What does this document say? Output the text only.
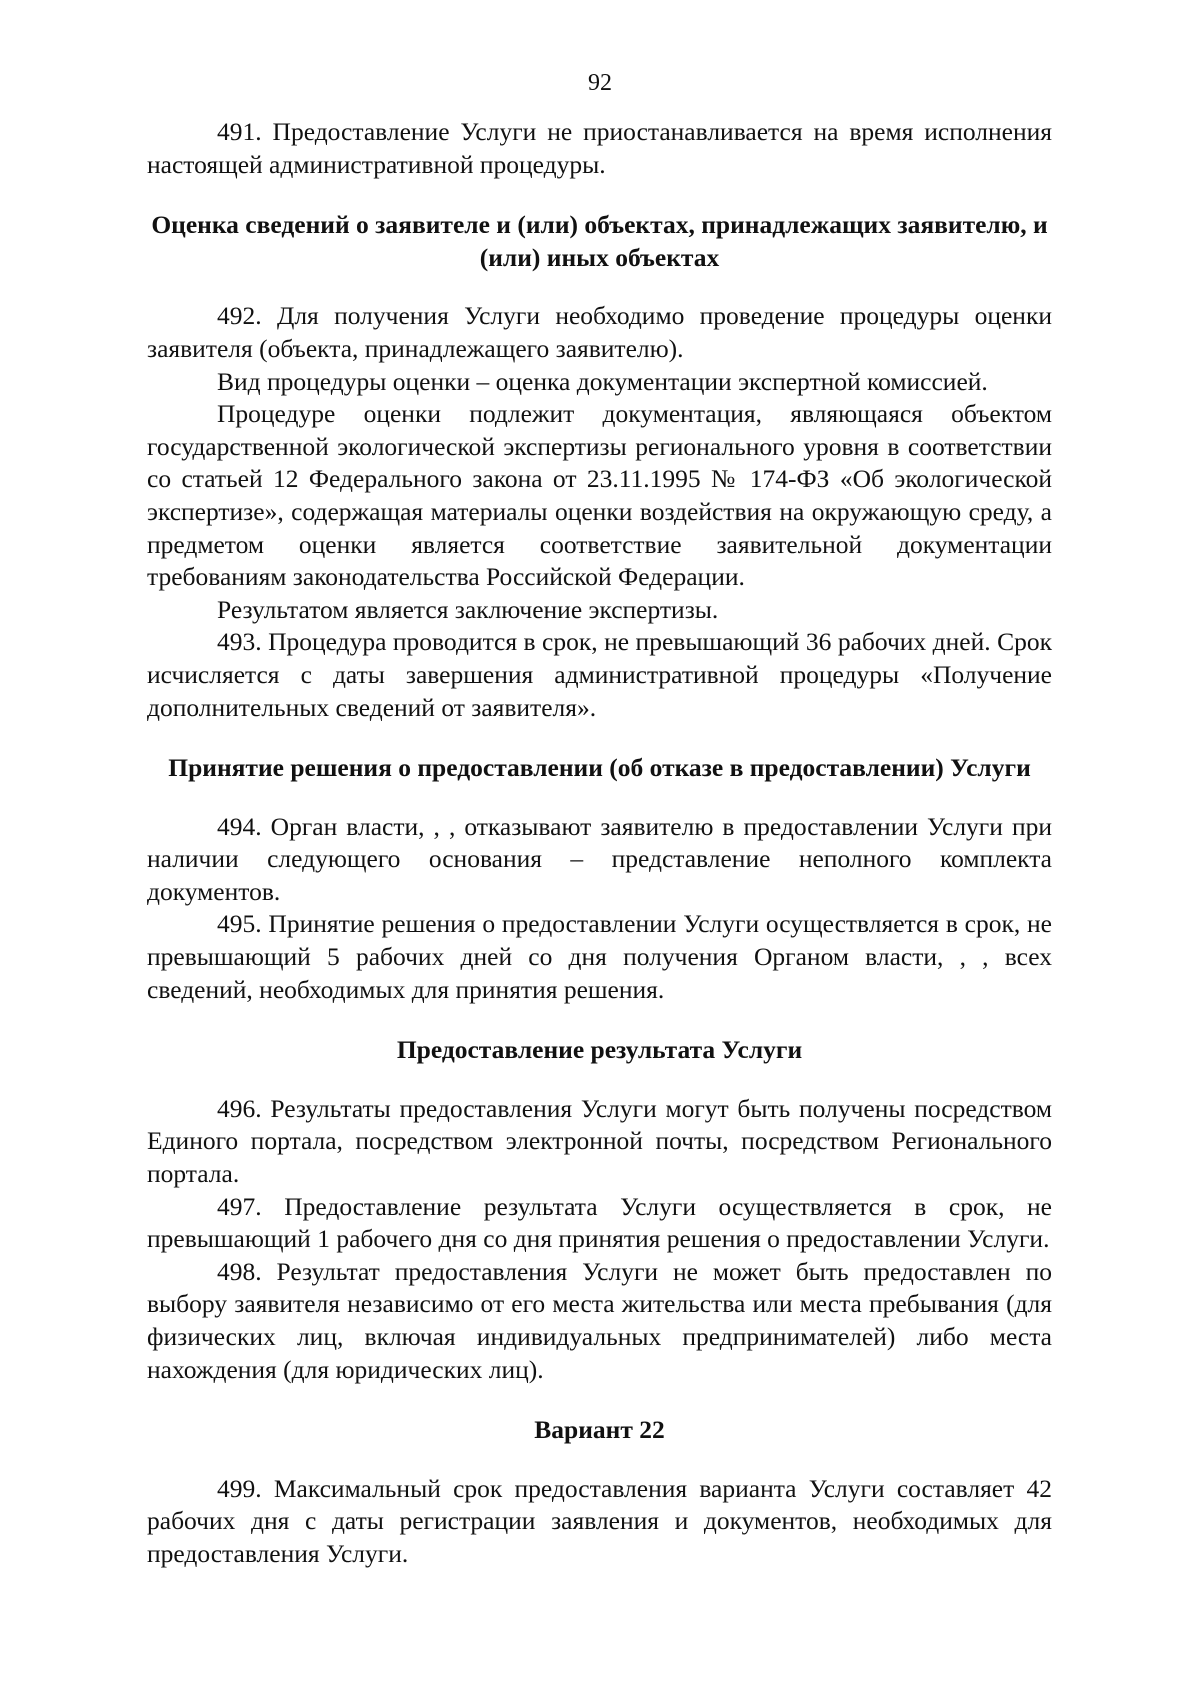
92

491. Предоставление Услуги не приостанавливается на время исполнения настоящей административной процедуры.

Оценка сведений о заявителе и (или) объектах, принадлежащих заявителю, и (или) иных объектах

492. Для получения Услуги необходимо проведение процедуры оценки заявителя (объекта, принадлежащего заявителю).

Вид процедуры оценки – оценка документации экспертной комиссией.

Процедуре оценки подлежит документация, являющаяся объектом государственной экологической экспертизы регионального уровня в соответствии со статьей 12 Федерального закона от 23.11.1995 № 174-ФЗ «Об экологической экспертизе», содержащая материалы оценки воздействия на окружающую среду, а предметом оценки является соответствие заявительной документации требованиям законодательства Российской Федерации.

Результатом является заключение экспертизы.

493. Процедура проводится в срок, не превышающий 36 рабочих дней. Срок исчисляется с даты завершения административной процедуры «Получение дополнительных сведений от заявителя».

Принятие решения о предоставлении (об отказе в предоставлении) Услуги

494. Орган власти, , , отказывают заявителю в предоставлении Услуги при наличии следующего основания – представление неполного комплекта документов.

495. Принятие решения о предоставлении Услуги осуществляется в срок, не превышающий 5 рабочих дней со дня получения Органом власти, , , всех сведений, необходимых для принятия решения.

Предоставление результата Услуги

496. Результаты предоставления Услуги могут быть получены посредством Единого портала, посредством электронной почты, посредством Регионального портала.

497. Предоставление результата Услуги осуществляется в срок, не превышающий 1 рабочего дня со дня принятия решения о предоставлении Услуги.

498. Результат предоставления Услуги не может быть предоставлен по выбору заявителя независимо от его места жительства или места пребывания (для физических лиц, включая индивидуальных предпринимателей) либо места нахождения (для юридических лиц).

Вариант 22

499. Максимальный срок предоставления варианта Услуги составляет 42 рабочих дня с даты регистрации заявления и документов, необходимых для предоставления Услуги.
